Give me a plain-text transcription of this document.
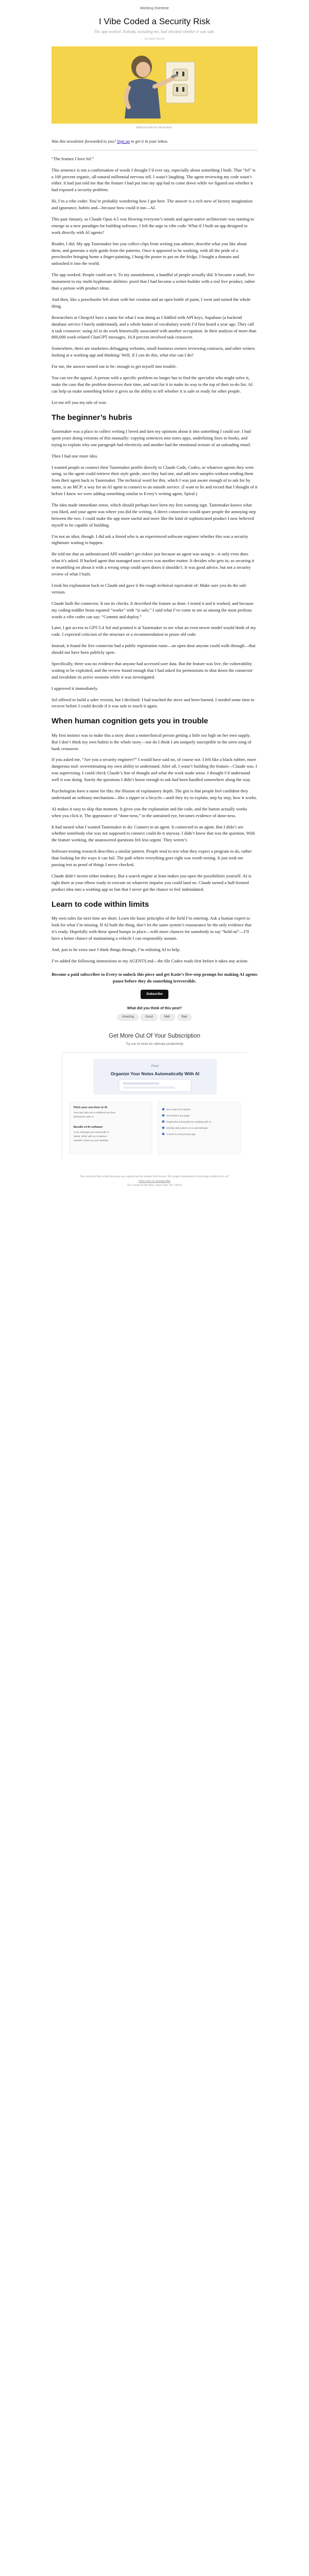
Working Overtime
I Vibe Coded a Security Risk
The app worked. Nobody, including me, had checked whether it was safe.
by Katie Parrott
Midjourney/Every illustration.

Was this newsletter forwarded to you? Sign up to get it in your inbox.

“The feature I love lol.”

This sentence is not a confirmation of words I thought I’d ever say, especially about something I built. That “lol” is a 100 percent organic, all-natural millennial nervous tell. I wasn’t laughing. The agent reviewing my code wasn’t either. It had just told me that the feature I had put into my app had to come down while we figured out whether it had exposed a security problem.

Hi, I’m a vibe coder. You’re probably wondering how I got here. The answer is a rich stew of factory imagination and ignorance, hubris and—because how could it not—AI.

This past January, as Claude Opus 4.5 was blowing everyone’s minds and agent-native architecture was starting to emerge as a new paradigm for building software, I felt the urge to vibe code: What if I built an app designed to work directly with AI agents?

Reader, I did. My app Tastemaker lets you collect clips from writing you admire, describe what you like about them, and generate a style guide from the patterns. Once it appeared to be working, with all the pride of a preschooler bringing home a finger-painting, I hung the poster to put on the fridge, I bought a domain and unleashed it into the world.

The app worked. People could use it. To my astonishment, a handful of people actually did. It became a small, live monument to my multi-hyphenate abilities: proof that I had become a writer-builder with a real live product, rather than a person with product ideas.

And then, like a preschooler left alone with her creation and an open bottle of paint, I went and ruined the whole thing.

Researchers at CheapAI have a name for what I was doing as I fiddled with API keys, Supabase (a backend database service I barely understand), and a whole basket of vocabulary words I’d first heard a year ago. They call it task crossover: using AI to do work historically associated with another occupation. In their analysis of more than 800,000 work-related ChatGPT messages, 16.8 percent involved task crossover.

Somewhere, there are marketers debugging websites, small-business owners reviewing contracts, and other writers looking at a working app and thinking: Well, if I can do this, what else can I do?

For me, the answer turned out to be: enough to get myself into trouble.

You can see the appeal. A person with a specific problem no longer has to find the specialist who might solve it, make the case that the problem deserves their time, and wait for it to make its way to the top of their to-do list. AI can help us make something before it gives us the ability to tell whether it is safe or ready for other people.

Let me tell you my tale of woe.

The beginner’s hubris

Tastemaker was a place to collect writing I loved and turn my opinions about it into something I could use. I had spent years doing versions of this manually: copying sentences into notes apps, underlining lines in books, and trying to explain why one paragraph had electricity and another had the emotional texture of an unloading email.

Then I had one more idea.

I wanted people to connect their Tastemaker profile directly to Claude Code, Codex, or whatever agents they were using, so the agent could retrieve their style guide, once they had one, and add new samples without sending them from their agent back to Tastemaker. The technical word for this, which I was just aware enough of to ask for by name, is an MCP: a way for an AI agent to connect to an outside service. (I want to lie and record that I thought of it before I knew we were adding something similar to Every’s writing agent, Spiral.)

The idea made immediate sense, which should perhaps have been my first warning sign. Tastemaker knows what you liked, and your agent was where you did the writing. A direct connection would spare people the annoying step between the two. I could make the app more useful and more like the kind of sophisticated product I now believed myself to be capable of building.

I’m not an idiot, though. I did ask a friend who is an experienced software engineer whether this was a security nightmare waiting to happen.

He told me that an authenticated API wouldn’t get riskier just because an agent was using it—it only even does what it’s asked. If hacked agent that managed user access was another matter. It decides who gets in, so securing it or mumbling on about it with a wrong setup could open doors it shouldn’t. It was good advice, but not a security review of what I built.

I took his explanation back to Claude and gave it the rough technical equivalent of: Make sure you do the safe version.

Claude built the connector. It ran its checks. It described the feature as done. I tested it and it worked, and because my coding-toddler brain equated “works” with “is safe,” I said what I’ve come to see as among the most perilous words a vibe coder can say: “Commit and deploy.”

Later, I got access to GPT-5.4 Sol and pointed it at Tastemaker to see what an even newer model would think of my code. I expected criticism of the structure or a recommendation to prune old code.

Instead, it found the live connector had a public registration route—an open door anyone could walk through—that should not have been publicly open.

Specifically, there was no evidence that anyone had accessed user data. But the feature was live, the vulnerability waiting to be exploited, and the review found enough that I had asked for permissions to shut down the connector and invalidate its active sessions while it was investigated.

I approved it immediately.

Sol offered to build a safer version, but I declined. I had touched the stove and been burned. I needed some time to recover before I could decide if it was safe to touch it again.

When human cognition gets you in trouble

My first instinct was to make this a story about a nontechnical person getting a little too high on her own supply. But I don’t think my own hubris is the whole story—nor do I think I am uniquely susceptible to the siren song of bank crossover.

If you asked me, “Are you a security engineer?” I would have said no, of course not. I felt like a black rubber, more dangerous tool: overestimating my own ability to understand. After all, I wasn’t building the feature—Claude was. I was supervising. I could check Claude’s line of thought and what the work made sense. I thought I’d understand well it was doing. Surely the questions I didn’t know enough to ask had been handled somewhere along the way.

Psychologists have a name for this: the illusion of explanatory depth. The gist is that people feel confident they understand an ordinary mechanism—like a zipper or a bicycle—until they try to explain, step by step, how it works.

AI makes it easy to skip that moment. It gives you the explanation and the code, and the button actually works when you click it. The appearance of “done-ness,” in the untrained eye, becomes evidence of done-ness.

It had turned what I wanted Tastemaker to do: Connect to an agent. It connected to an agent. But I didn’t see whether somebody else was not supposed to connect could do it anyway. I didn’t know that was the question. With the feature working, the unanswered questions felt less urgent. They weren’t.

Software-testing research describes a similar pattern. People tend to test what they expect a program to do, rather than looking for the ways it can fail. The path where everything goes right was worth testing. It just took me passing test as proof of things I never checked.

Claude didn’t invent either tendency. But a search engine at least makes you open the possibilities yourself. AI is right there at your elbow ready to execute on whatever impulse you could land on. Claude turned a half-formed product idea into a working app so fast that I never got the chance to feel indimidated.

Learn to code within limits

My own rules for next time are short. Learn the basic principles of the field I’m entering. Ask a human expert to look for what I’m missing. If AI built the thing, don’t let the same system’s reassurance be the only evidence that it’s ready. Hopefully with these speed bumps in place—with more chances for somebody to say “hold on”—I’ll have a better chance of maintaining a vehicle I can responsibly sustain.

And, just to be extra sure I think things through, I’m enlisting AI to help.

I’ve added the following instructions to my AGENTS.md—the file Codex reads first before it takes any action:

Become a paid subscriber to Every to unlock this piece and get Katie’s five-step prompt for making AI agents pause before they do something irreversible.

Subscribe
What did you think of this post?
Amazing	Good	Meh	Bad
Get More Out Of Your Subscription
Try our AI tools for ultimate productivity
Proof
Organize Your Notes Automatically With AI
Pitch your one-liner to AI
Turn any idea into a polished one-liner
Brainstorm with AI
Bundle of AI software
Cora: Manage your email with AI
Spiral: Write with an AI partner
Sparkle: Clean up your desktop
Sort notes into folders
Summarize any page
Playbooks and guides for working with AI
Weekly deep dives on AI and startups
Access to every Every app
You received this email because you signed up for emails from Every. No longer interested in receiving emails from us?
Click here to unsubscribe
221 Canal St 5th floor, New York, NY 10013
